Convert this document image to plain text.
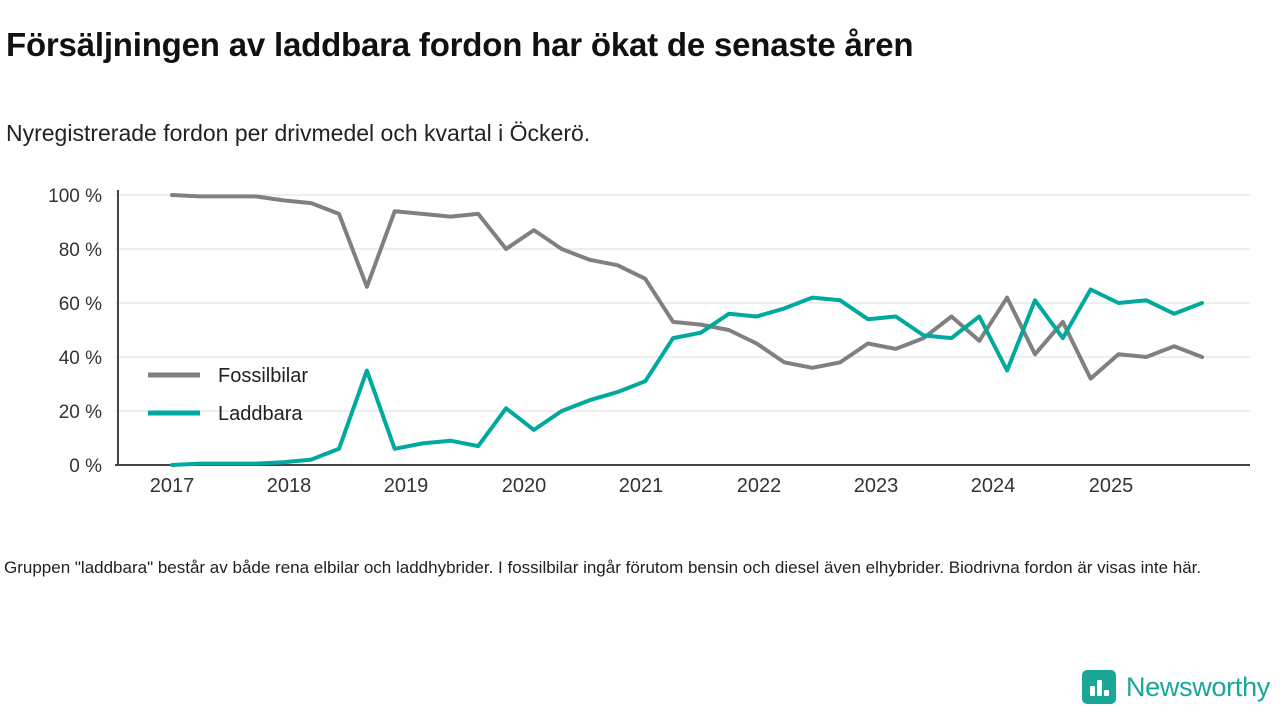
Försäljningen av laddbara fordon har ökat de senaste åren
Nyregistrerade fordon per drivmedel och kvartal i Öckerö.
100 %
80 %
60 %
40 %
20 %
0 %
2017	2018	2019	2020	2021	2022	2023	2024	2025
Fossilbilar
Laddbara
Gruppen "laddbara" består av både rena elbilar och laddhybrider. I fossilbilar ingår förutom bensin och diesel även elhybrider. Biodrivna fordon är visas inte här.
Newsworthy
